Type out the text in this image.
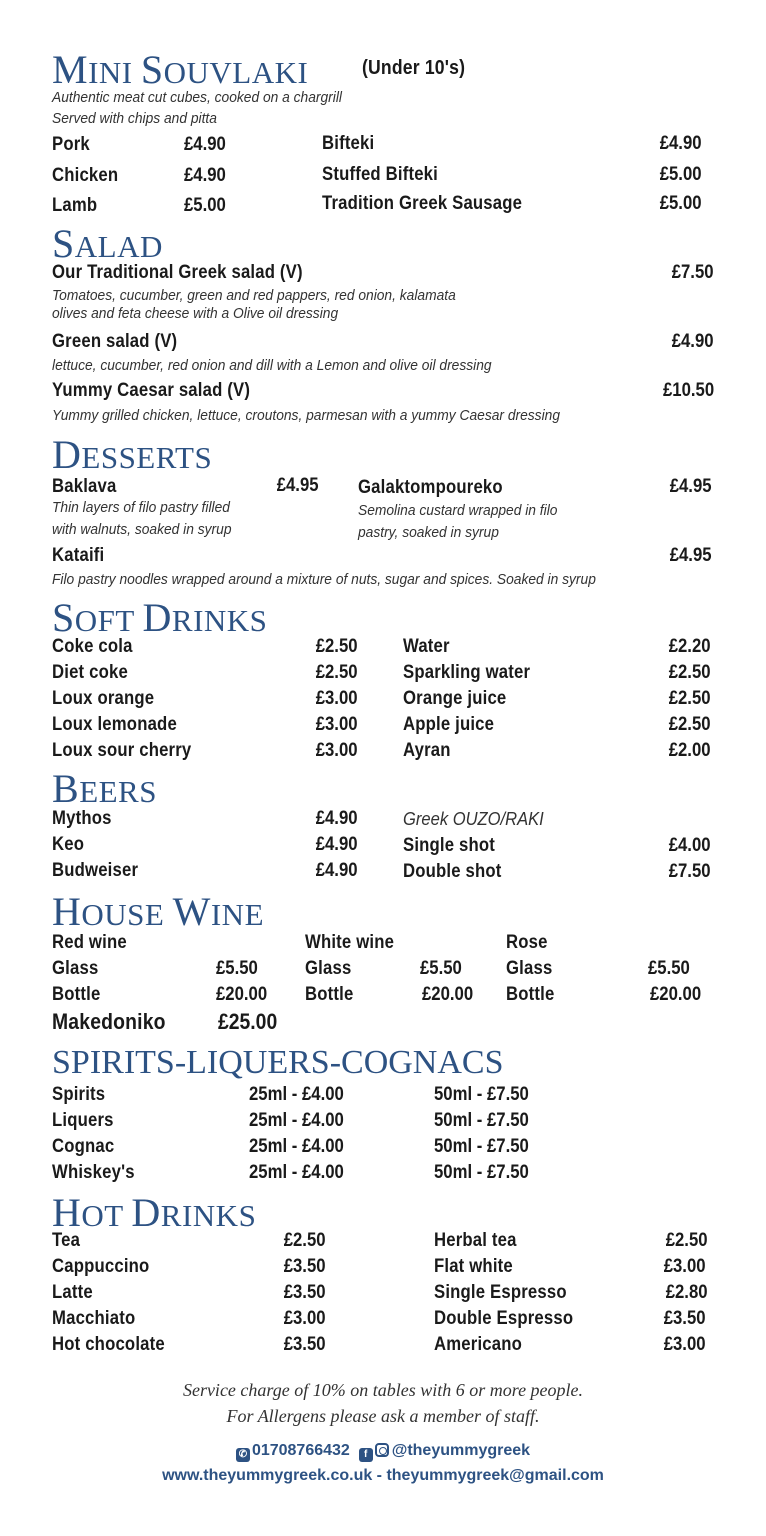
MINI SOUVLAKI	(Under 10's)
Authentic meat cut cubes, cooked on a chargrill
Served with chips and pitta
Pork	£4.90
Chicken	£4.90
Lamb	£5.00
Bifteki	£4.90
Stuffed Bifteki	£5.00
Tradition Greek Sausage	£5.00
SALAD
Our Traditional Greek salad (V)	£7.50
Tomatoes, cucumber, green and red pappers, red onion, kalamata
olives and feta cheese with a Olive oil dressing
Green salad (V)	£4.90
lettuce, cucumber, red onion and dill with a Lemon and olive oil dressing
Yummy Caesar salad (V)	£10.50
Yummy grilled chicken, lettuce, croutons, parmesan with a yummy Caesar dressing
DESSERTS
Baklava	£4.95
Thin layers of filo pastry filled
with walnuts, soaked in syrup
Galaktompoureko	£4.95
Semolina custard wrapped in filo
pastry, soaked in syrup
Kataifi	£4.95
Filo pastry noodles wrapped around a mixture of nuts, sugar and spices. Soaked in syrup
SOFT DRINKS
Coke cola	£2.50
Diet coke	£2.50
Loux orange	£3.00
Loux lemonade	£3.00
Loux sour cherry	£3.00
Water	£2.20
Sparkling water	£2.50
Orange juice	£2.50
Apple juice	£2.50
Ayran	£2.00
BEERS
Mythos	£4.90
Keo	£4.90
Budweiser	£4.90
Greek OUZO/RAKI
Single shot	£4.00
Double shot	£7.50
HOUSE WINE
Red wine
Glass	£5.50
Bottle	£20.00
White wine
Glass	£5.50
Bottle	£20.00
Rose
Glass	£5.50
Bottle	£20.00
Makedoniko £25.00
SPIRITS-LIQUERS-COGNACS
Spirits	25ml - £4.00	50ml - £7.50
Liquers	25ml - £4.00	50ml - £7.50
Cognac	25ml - £4.00	50ml - £7.50
Whiskey's	25ml - £4.00	50ml - £7.50
HOT DRINKS
Tea	£2.50
Cappuccino	£3.50
Latte	£3.50
Macchiato	£3.00
Hot chocolate	£3.50
Herbal tea	£2.50
Flat white	£3.00
Single Espresso	£2.80
Double Espresso	£3.50
Americano	£3.00
Service charge of 10% on tables with 6 or more people.
For Allergens please ask a member of staff.
✆ 01708766432 f @theyummygreek
www.theyummygreek.co.uk - theyummygreek@gmail.com
